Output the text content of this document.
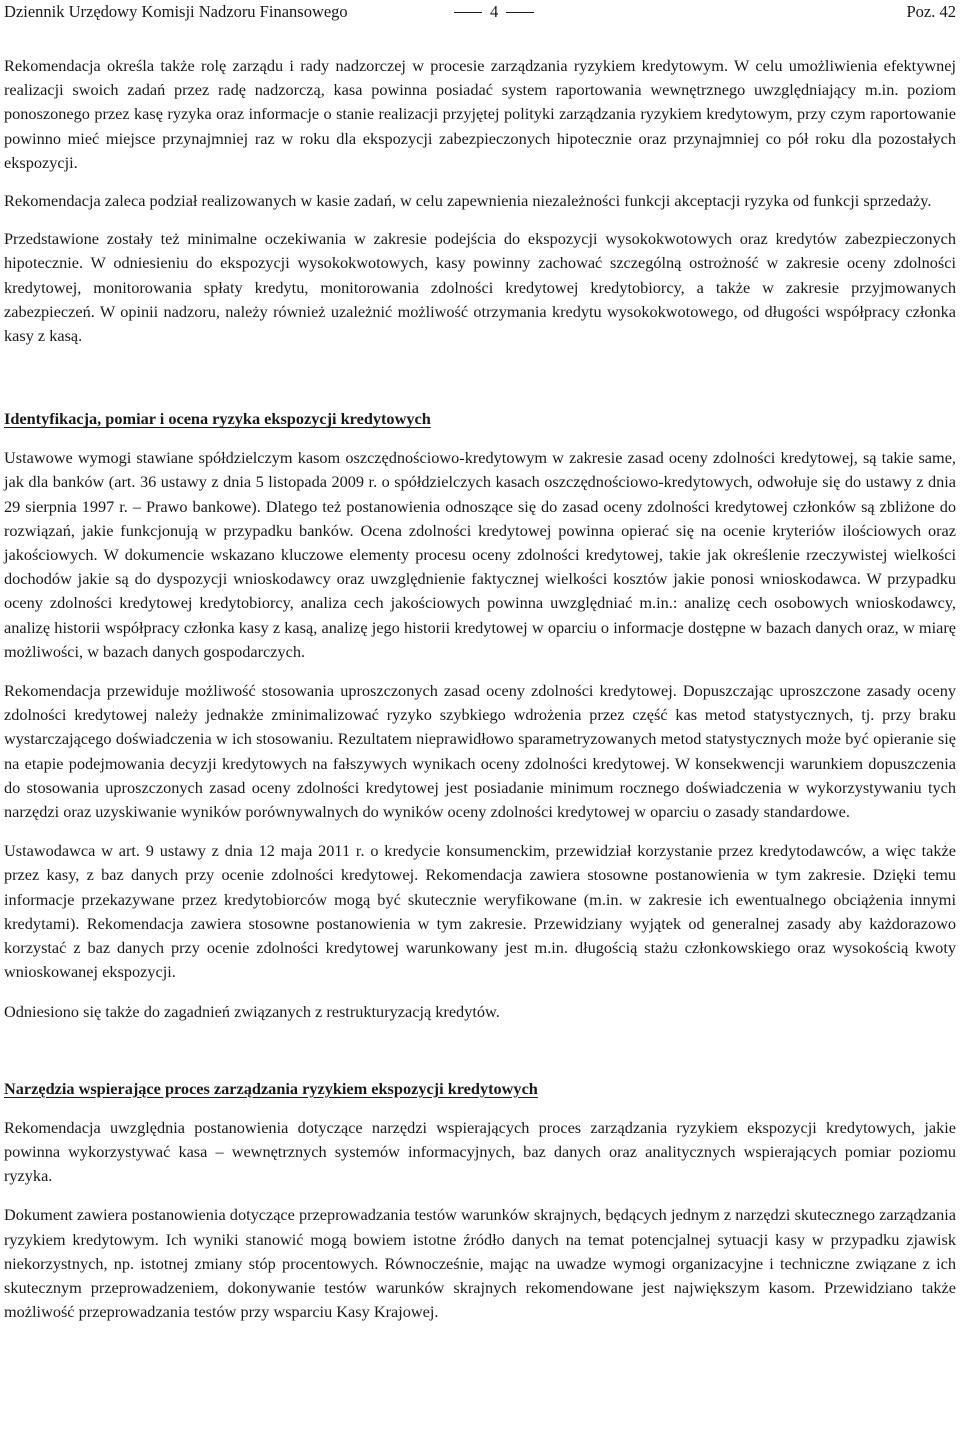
Dziennik Urzędowy Komisji Nadzoru Finansowego	4	Poz. 42

Rekomendacja określa także rolę zarządu i rady nadzorczej w procesie zarządzania ryzykiem kredytowym. W celu umożliwienia efektywnej realizacji swoich zadań przez radę nadzorczą, kasa powinna posiadać system raportowania wewnętrznego uwzględniający m.in. poziom ponoszonego przez kasę ryzyka oraz informacje o stanie realizacji przyjętej polityki zarządzania ryzykiem kredytowym, przy czym raportowanie powinno mieć miejsce przynajmniej raz w roku dla ekspozycji zabezpieczonych hipotecznie oraz przynajmniej co pół roku dla pozostałych ekspozycji.

Rekomendacja zaleca podział realizowanych w kasie zadań, w celu zapewnienia niezależności funkcji akceptacji ryzyka od funkcji sprzedaży.

Przedstawione zostały też minimalne oczekiwania w zakresie podejścia do ekspozycji wysokokwotowych oraz kredytów zabezpieczonych hipotecznie. W odniesieniu do ekspozycji wysokokwotowych, kasy powinny zachować szczególną ostrożność w zakresie oceny zdolności kredytowej, monitorowania spłaty kredytu, monitorowania zdolności kredytowej kredytobiorcy, a także w zakresie przyjmowanych zabezpieczeń. W opinii nadzoru, należy również uzależnić możliwość otrzymania kredytu wysokokwotowego, od długości współpracy członka kasy z kasą.

Identyfikacja, pomiar i ocena ryzyka ekspozycji kredytowych

Ustawowe wymogi stawiane spółdzielczym kasom oszczędnościowo-kredytowym w zakresie zasad oceny zdolności kredytowej, są takie same, jak dla banków (art. 36 ustawy z dnia 5 listopada 2009 r. o spółdzielczych kasach oszczędnościowo-kredytowych, odwołuje się do ustawy z dnia 29 sierpnia 1997 r. – Prawo bankowe). Dlatego też postanowienia odnoszące się do zasad oceny zdolności kredytowej członków są zbliżone do rozwiązań, jakie funkcjonują w przypadku banków. Ocena zdolności kredytowej powinna opierać się na ocenie kryteriów ilościowych oraz jakościowych. W dokumencie wskazano kluczowe elementy procesu oceny zdolności kredytowej, takie jak określenie rzeczywistej wielkości dochodów jakie są do dyspozycji wnioskodawcy oraz uwzględnienie faktycznej wielkości kosztów jakie ponosi wnioskodawca. W przypadku oceny zdolności kredytowej kredytobiorcy, analiza cech jakościowych powinna uwzględniać m.in.: analizę cech osobowych wnioskodawcy, analizę historii współpracy członka kasy z kasą, analizę jego historii kredytowej w oparciu o informacje dostępne w bazach danych oraz, w miarę możliwości, w bazach danych gospodarczych.

Rekomendacja przewiduje możliwość stosowania uproszczonych zasad oceny zdolności kredytowej. Dopuszczając uproszczone zasady oceny zdolności kredytowej należy jednakże zminimalizować ryzyko szybkiego wdrożenia przez część kas metod statystycznych, tj. przy braku wystarczającego doświadczenia w ich stosowaniu. Rezultatem nieprawidłowo sparametryzowanych metod statystycznych może być opieranie się na etapie podejmowania decyzji kredytowych na fałszywych wynikach oceny zdolności kredytowej. W konsekwencji warunkiem dopuszczenia do stosowania uproszczonych zasad oceny zdolności kredytowej jest posiadanie minimum rocznego doświadczenia w wykorzystywaniu tych narzędzi oraz uzyskiwanie wyników porównywalnych do wyników oceny zdolności kredytowej w oparciu o zasady standardowe.

Ustawodawca w art. 9 ustawy z dnia 12 maja 2011 r. o kredycie konsumenckim, przewidział korzystanie przez kredytodawców, a więc także przez kasy, z baz danych przy ocenie zdolności kredytowej. Rekomendacja zawiera stosowne postanowienia w tym zakresie. Dzięki temu informacje przekazywane przez kredytobiorców mogą być skutecznie weryfikowane (m.in. w zakresie ich ewentualnego obciążenia innymi kredytami). Rekomendacja zawiera stosowne postanowienia w tym zakresie. Przewidziany wyjątek od generalnej zasady aby każdorazowo korzystać z baz danych przy ocenie zdolności kredytowej warunkowany jest m.in. długością stażu członkowskiego oraz wysokością kwoty wnioskowanej ekspozycji.

Odniesiono się także do zagadnień związanych z restrukturyzacją kredytów.

Narzędzia wspierające proces zarządzania ryzykiem ekspozycji kredytowych

Rekomendacja uwzględnia postanowienia dotyczące narzędzi wspierających proces zarządzania ryzykiem ekspozycji kredytowych, jakie powinna wykorzystywać kasa – wewnętrznych systemów informacyjnych, baz danych oraz analitycznych wspierających pomiar poziomu ryzyka.

Dokument zawiera postanowienia dotyczące przeprowadzania testów warunków skrajnych, będących jednym z narzędzi skutecznego zarządzania ryzykiem kredytowym. Ich wyniki stanowić mogą bowiem istotne źródło danych na temat potencjalnej sytuacji kasy w przypadku zjawisk niekorzystnych, np. istotnej zmiany stóp procentowych. Równocześnie, mając na uwadze wymogi organizacyjne i techniczne związane z ich skutecznym przeprowadzeniem, dokonywanie testów warunków skrajnych rekomendowane jest największym kasom. Przewidziano także możliwość przeprowadzania testów przy wsparciu Kasy Krajowej.
